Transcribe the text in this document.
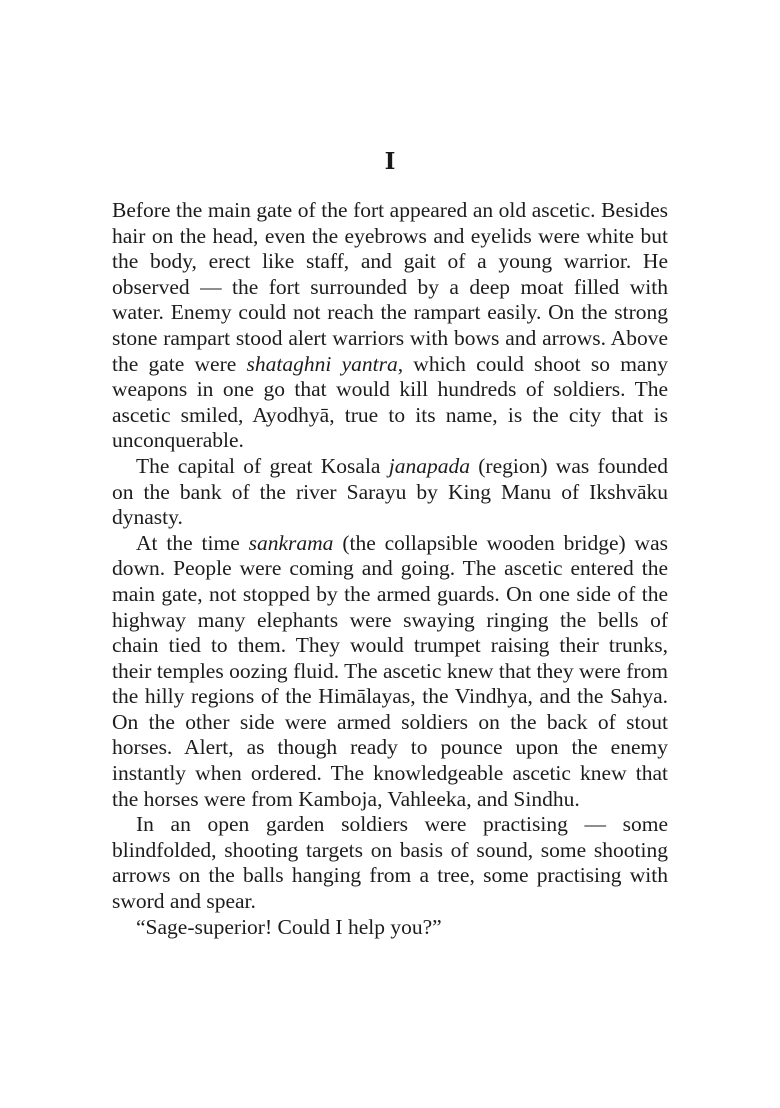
I

Before the main gate of the fort appeared an old ascetic. Besides hair on the head, even the eyebrows and eyelids were white but the body, erect like staff, and gait of a young warrior. He observed — the fort surrounded by a deep moat filled with water. Enemy could not reach the rampart easily. On the strong stone rampart stood alert warriors with bows and arrows. Above the gate were shataghni yantra, which could shoot so many weapons in one go that would kill hundreds of soldiers. The ascetic smiled, Ayodhyā, true to its name, is the city that is unconquerable.

The capital of great Kosala janapada (region) was founded on the bank of the river Sarayu by King Manu of Ikshvāku dynasty.

At the time sankrama (the collapsible wooden bridge) was down. People were coming and going. The ascetic entered the main gate, not stopped by the armed guards. On one side of the highway many elephants were swaying ringing the bells of chain tied to them. They would trumpet raising their trunks, their temples oozing fluid. The ascetic knew that they were from the hilly regions of the Himālayas, the Vindhya, and the Sahya. On the other side were armed soldiers on the back of stout horses. Alert, as though ready to pounce upon the enemy instantly when ordered. The knowledgeable ascetic knew that the horses were from Kamboja, Vahleeka, and Sindhu.

In an open garden soldiers were practising — some blindfolded, shooting targets on basis of sound, some shooting arrows on the balls hanging from a tree, some practising with sword and spear.

“Sage-superior! Could I help you?”
